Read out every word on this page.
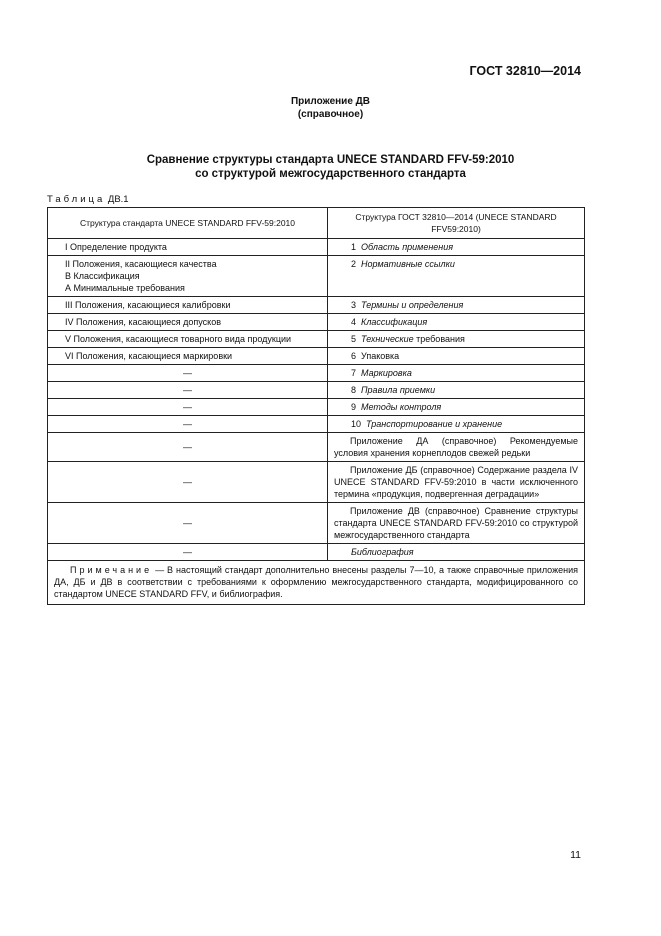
ГОСТ 32810—2014
Приложение ДВ
(справочное)
Сравнение структуры стандарта UNECE STANDARD FFV-59:2010
со структурой межгосударственного стандарта
Таблица ДВ.1
Структура стандарта UNECE STANDARD FFV-59:2010	Структура ГОСТ 32810—2014 (UNECE STANDARD FFV59:2010)

I Определение продукта	1 Область применения

II Положения, касающиеся качества
В Классификация
А Минимальные требования	2 Нормативные ссылки

III Положения, касающиеся калибровки	3 Термины и определения

IV Положения, касающиеся допусков	4 Классификация

V Положения, касающиеся товарного вида продукции	5 Технические требования

VI Положения, касающиеся маркировки	6 Упаковка

—	7 Маркировка

—	8 Правила приемки

—	9 Методы контроля

—	10 Транспортирование и хранение

—	Приложение ДА (справочное) Рекомендуемые условия хранения корнеплодов свежей редьки

—	Приложение ДБ (справочное) Содержание раздела IV UNECE STANDARD FFV-59:2010 в части исключенного термина «продукция, подвергенная деградации»

—	Приложение ДВ (справочное) Сравнение структуры стандарта UNECE STANDARD FFV-59:2010 со структурой межгосударственного стандарта

—	Библиография

Примечание — В настоящий стандарт дополнительно внесены разделы 7—10, а также справочные приложения ДА, ДБ и ДВ в соответствии с требованиями к оформлению межгосударственного стандарта, модифицированного со стандартом UNECE STANDARD FFV, и библиография.	
11
